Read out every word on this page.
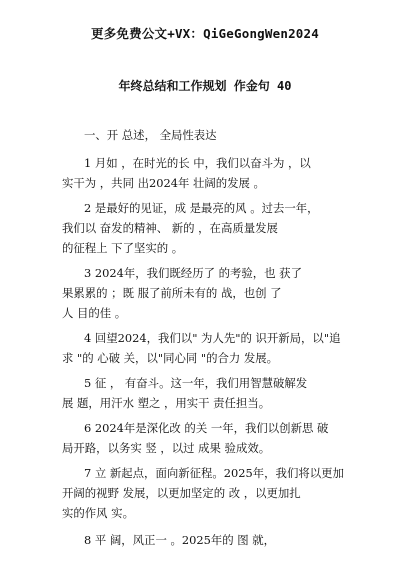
更多免费公文+VX：QiGeGongWen2024
年终总结和工作规划 作金句 40
一、开 总述， 全局性表达
1 月如 ，在时光的长 中，我们以奋斗为 ，以
实干为 ，共同 出2024年 壮阔的发展 。
2 是最好的见证，成 是最亮的风 。过去一年，
我们以 奋发的精神、 新的 ，在高质量发展
的征程上 下了坚实的 。
3 2024年，我们既经历了 的考验，也 获了
果累累的 ；既 服了前所未有的 战，也创 了
人 目的佳 。
4 回望2024，我们以" 为人先"的 识开新局，以"追
求 "的 心破 关，以"同心同 "的合力 发展。
5 征 ， 有奋斗。这一年，我们用智慧破解发
展 题，用汗水 塑之 ，用实干 责任担当。
6 2024年是深化改 的关 一年，我们以创新思 破
局开路，以务实 竖 ，以过 成果 验成效。
7 立 新起点，面向新征程。2025年，我们将以更加
开阔的视野 发展，以更加坚定的 改 ，以更加扎
实的作风 实。
8 平 阔，风正一 。2025年的 图 就，
